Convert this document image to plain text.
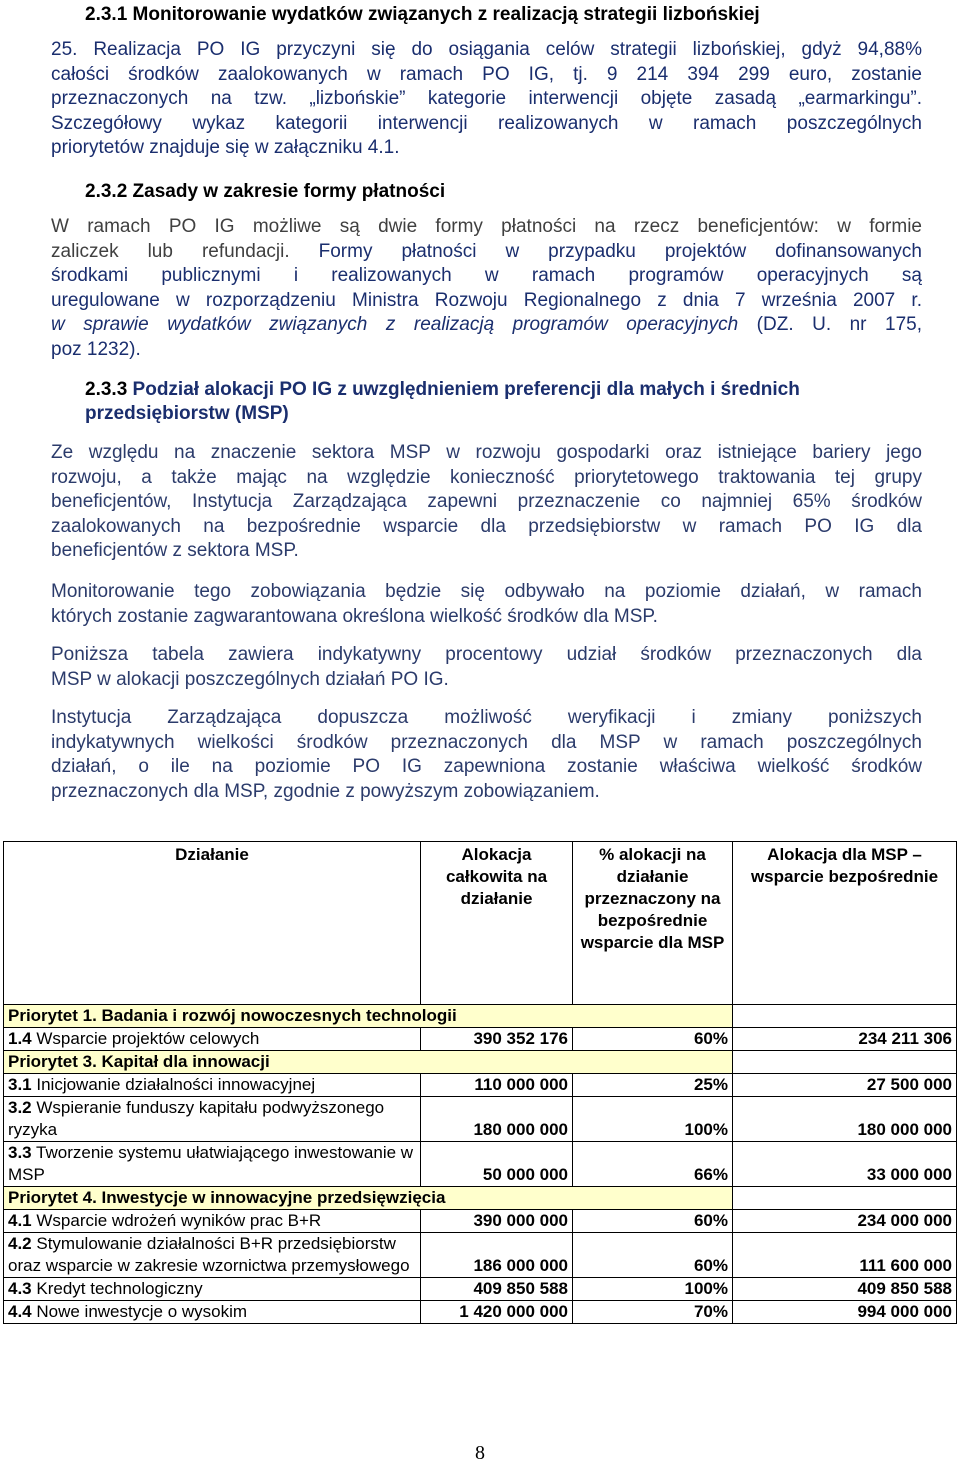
2.3.1 Monitorowanie wydatków związanych z realizacją strategii lizbońskiej
25. Realizacja PO IG przyczyni się do osiągania celów strategii lizbońskiej, gdyż 94,88%
całości środków zaalokowanych w ramach PO IG, tj. 9 214 394 299 euro, zostanie
przeznaczonych na tzw. „lizbońskie” kategorie interwencji objęte zasadą „earmarkingu”.
Szczegółowy wykaz kategorii interwencji realizowanych w ramach poszczególnych
priorytetów znajduje się w załączniku 4.1.
2.3.2 Zasady w zakresie formy płatności
W ramach PO IG możliwe są dwie formy płatności na rzecz beneficjentów: w formie
zaliczek lub refundacji. Formy płatności w przypadku projektów dofinansowanych
środkami publicznymi i realizowanych w ramach programów operacyjnych są
uregulowane w rozporządzeniu Ministra Rozwoju Regionalnego z dnia 7 września 2007 r.
w sprawie wydatków związanych z realizacją programów operacyjnych (DZ. U. nr 175,
poz 1232).
2.3.3 Podział alokacji PO IG z uwzględnieniem preferencji dla małych i średnich
przedsiębiorstw (MSP)
Ze względu na znaczenie sektora MSP w rozwoju gospodarki oraz istniejące bariery jego
rozwoju, a także mając na względzie konieczność priorytetowego traktowania tej grupy
beneficjentów, Instytucja Zarządzająca zapewni przeznaczenie co najmniej 65% środków
zaalokowanych na bezpośrednie wsparcie dla przedsiębiorstw w ramach PO IG dla
beneficjentów z sektora MSP.
Monitorowanie tego zobowiązania będzie się odbywało na poziomie działań, w ramach
których zostanie zagwarantowana określona wielkość środków dla MSP.
Poniższa tabela zawiera indykatywny procentowy udział środków przeznaczonych dla
MSP w alokacji poszczególnych działań PO IG.
Instytucja Zarządzająca dopuszcza możliwość weryfikacji i zmiany poniższych
indykatywnych wielkości środków przeznaczonych dla MSP w ramach poszczególnych
działań, o ile na poziomie PO IG zapewniona zostanie właściwa wielkość środków
przeznaczonych dla MSP, zgodnie z powyższym zobowiązaniem.
Działanie	Alokacja całkowita na działanie	% alokacji na działanie przeznaczony na bezpośrednie wsparcie dla MSP	Alokacja dla MSP – wsparcie bezpośrednie
Priorytet 1. Badania i rozwój nowoczesnych technologii			
1.4 Wsparcie projektów celowych	390 352 176	60%	234 211 306
Priorytet 3. Kapitał dla innowacji			
3.1 Inicjowanie działalności innowacyjnej	110 000 000	25%	27 500 000
3.2 Wspieranie funduszy kapitału podwyższonego ryzyka	180 000 000	100%	180 000 000
3.3 Tworzenie systemu ułatwiającego inwestowanie w MSP	50 000 000	66%	33 000 000
Priorytet 4. Inwestycje w innowacyjne przedsięwzięcia			
4.1 Wsparcie wdrożeń wyników prac B+R	390 000 000	60%	234 000 000
4.2 Stymulowanie działalności B+R przedsiębiorstw oraz wsparcie w zakresie wzornictwa przemysłowego	186 000 000	60%	111 600 000
4.3 Kredyt technologiczny	409 850 588	100%	409 850 588
4.4 Nowe inwestycje o wysokim	1 420 000 000	70%	994 000 000
8
